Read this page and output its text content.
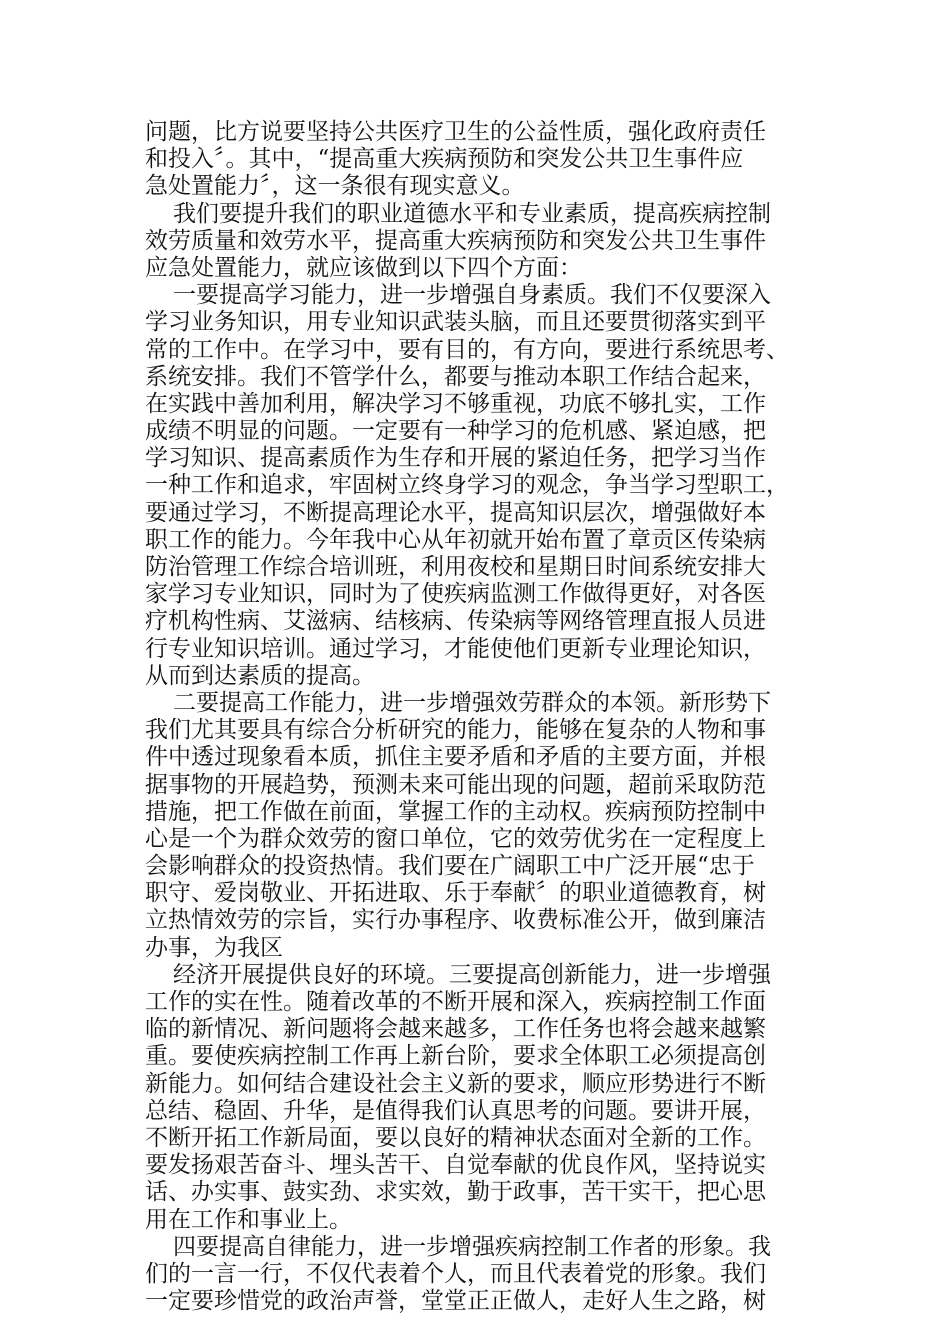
问题，比方说要坚持公共医疗卫生的公益性质，强化政府责任
和投入〞。其中，“提高重大疾病预防和突发公共卫生事件应
急处置能力〞，这一条很有现实意义。

我们要提升我们的职业道德水平和专业素质，提高疾病控制
效劳质量和效劳水平，提高重大疾病预防和突发公共卫生事件
应急处置能力，就应该做到以下四个方面：

一要提高学习能力，进一步增强自身素质。我们不仅要深入
学习业务知识，用专业知识武装头脑，而且还要贯彻落实到平
常的工作中。在学习中，要有目的，有方向，要进行系统思考、
系统安排。我们不管学什么，都要与推动本职工作结合起来，
在实践中善加利用，解决学习不够重视，功底不够扎实，工作
成绩不明显的问题。一定要有一种学习的危机感、紧迫感，把
学习知识、提高素质作为生存和开展的紧迫任务，把学习当作
一种工作和追求，牢固树立终身学习的观念，争当学习型职工，
要通过学习，不断提高理论水平，提高知识层次，增强做好本
职工作的能力。今年我中心从年初就开始布置了章贡区传染病
防治管理工作综合培训班，利用夜校和星期日时间系统安排大
家学习专业知识，同时为了使疾病监测工作做得更好，对各医
疗机构性病、艾滋病、结核病、传染病等网络管理直报人员进
行专业知识培训。通过学习，才能使他们更新专业理论知识，
从而到达素质的提高。

二要提高工作能力，进一步增强效劳群众的本领。新形势下
我们尤其要具有综合分析研究的能力，能够在复杂的人物和事
件中透过现象看本质，抓住主要矛盾和矛盾的主要方面，并根
据事物的开展趋势，预测未来可能出现的问题，超前采取防范
措施，把工作做在前面，掌握工作的主动权。疾病预防控制中
心是一个为群众效劳的窗口单位，它的效劳优劣在一定程度上
会影响群众的投资热情。我们要在广阔职工中广泛开展“忠于
职守、爱岗敬业、开拓进取、乐于奉献〞的职业道德教育，树
立热情效劳的宗旨，实行办事程序、收费标准公开，做到廉洁
办事，为我区

经济开展提供良好的环境。三要提高创新能力，进一步增强
工作的实在性。随着改革的不断开展和深入，疾病控制工作面
临的新情况、新问题将会越来越多，工作任务也将会越来越繁
重。要使疾病控制工作再上新台阶，要求全体职工必须提高创
新能力。如何结合建设社会主义新的要求，顺应形势进行不断
总结、稳固、升华，是值得我们认真思考的问题。要讲开展，
不断开拓工作新局面，要以良好的精神状态面对全新的工作。
要发扬艰苦奋斗、埋头苦干、自觉奉献的优良作风，坚持说实
话、办实事、鼓实劲、求实效，勤于政事，苦干实干，把心思
用在工作和事业上。

四要提高自律能力，进一步增强疾病控制工作者的形象。我
们的一言一行，不仅代表着个人，而且代表着党的形象。我们
一定要珍惜党的政治声誉，堂堂正正做人，走好人生之路，树
